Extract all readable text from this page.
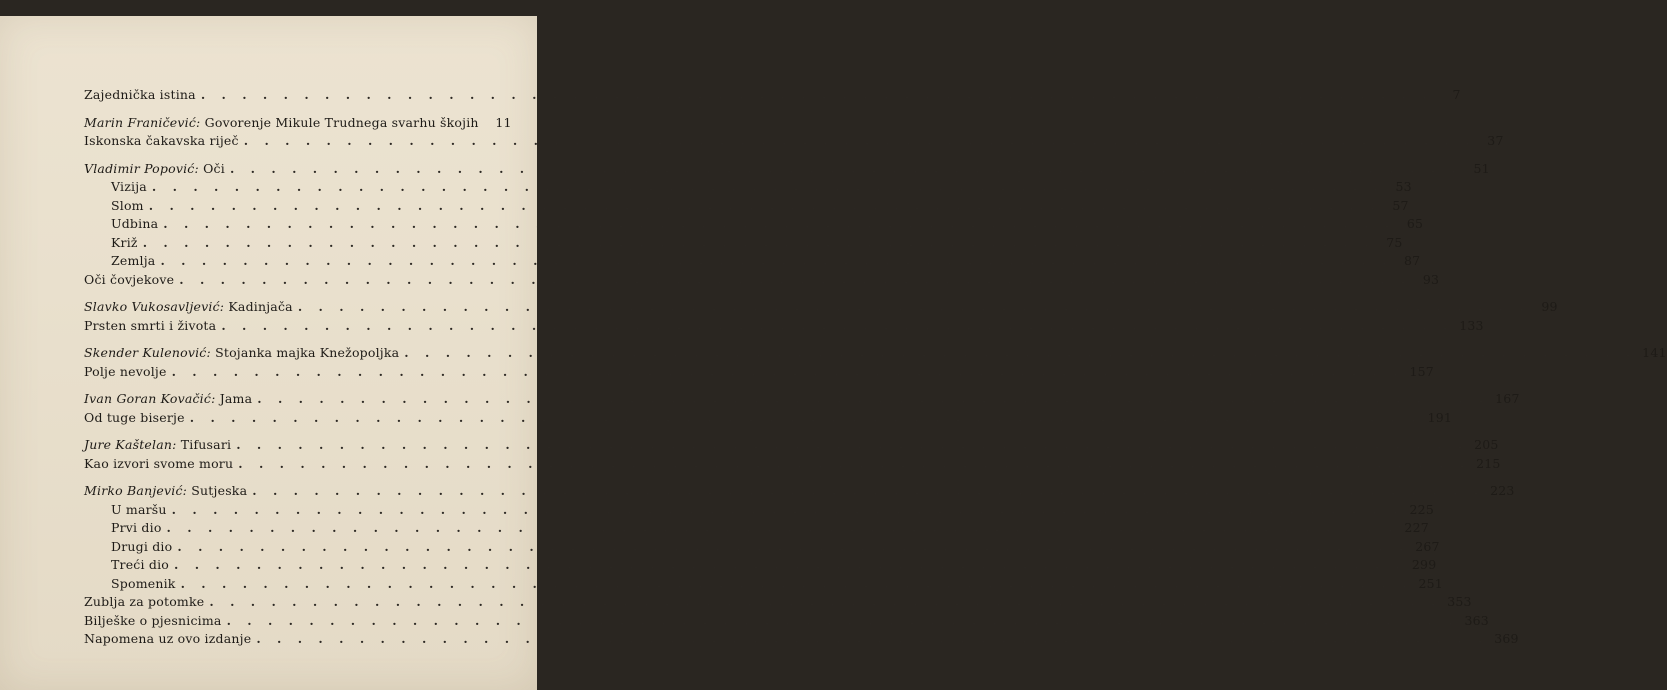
Zajednička istina . . . . . . . . . . . . . . . . . . . . . . . . . . . . . . . . . . . . . . . . . . . . . . . . . . . . . . . . . . . .	7
Marin Franičević: Govorenje Mikule Trudnega svarhu škojih	11
Iskonska čakavska riječ . . . . . . . . . . . . . . . . . . . . . . . . . . . . . . . . . . . . . . . . . . . . . . . . . . . . . . . . . . . . 37
Vladimir Popović: Oči . . . . . . . . . . . . . . . . . . . . . . . . . . . . . . . . . . . . . . . . . . . . . . . . . . . . . . . . . . . . 51
Vizija . . . . . . . . . . . . . . . . . . . . . . . . . . . . . . . . . . . . . . . . . . . . . . . . . . . . . . . . . . . . 53
Slom . . . . . . . . . . . . . . . . . . . . . . . . . . . . . . . . . . . . . . . . . . . . . . . . . . . . . . . . . . . . 57
Udbina . . . . . . . . . . . . . . . . . . . . . . . . . . . . . . . . . . . . . . . . . . . . . . . . . . . . . . . . . . . . 65
Križ . . . . . . . . . . . . . . . . . . . . . . . . . . . . . . . . . . . . . . . . . . . . . . . . . . . . . . . . . . . . 75
Zemlja . . . . . . . . . . . . . . . . . . . . . . . . . . . . . . . . . . . . . . . . . . . . . . . . . . . . . . . . . . . . 87
Oči čovjekove . . . . . . . . . . . . . . . . . . . . . . . . . . . . . . . . . . . . . . . . . . . . . . . . . . . . . . . . . . . . 93
Slavko Vukosavljević: Kadinjača . . . . . . . . . . . . . . . . . . . . . . . . . . . . . . . . . . . . . . . . . . . . . . . . . . . . . . . . . . . . 99
Prsten smrti i života . . . . . . . . . . . . . . . . . . . . . . . . . . . . . . . . . . . . . . . . . . . . . . . . . . . . . . . . . . . . 133
Skender Kulenović: Stojanka majka Knežopoljka . . . . . . . . . . . . . . . . . . . . . . . . . . . . . . . . . . . . . . . . . . . . . . . . . . . . . . . . . . . . 141
Polje nevolje . . . . . . . . . . . . . . . . . . . . . . . . . . . . . . . . . . . . . . . . . . . . . . . . . . . . . . . . . . . . 157
Ivan Goran Kovačić: Jama . . . . . . . . . . . . . . . . . . . . . . . . . . . . . . . . . . . . . . . . . . . . . . . . . . . . . . . . . . . . 167
Od tuge biserje . . . . . . . . . . . . . . . . . . . . . . . . . . . . . . . . . . . . . . . . . . . . . . . . . . . . . . . . . . . . 191
Jure Kaštelan: Tifusari . . . . . . . . . . . . . . . . . . . . . . . . . . . . . . . . . . . . . . . . . . . . . . . . . . . . . . . . . . . . 205
Kao izvori svome moru . . . . . . . . . . . . . . . . . . . . . . . . . . . . . . . . . . . . . . . . . . . . . . . . . . . . . . . . . . . . 215
Mirko Banjević: Sutjeska . . . . . . . . . . . . . . . . . . . . . . . . . . . . . . . . . . . . . . . . . . . . . . . . . . . . . . . . . . . . 223
U maršu . . . . . . . . . . . . . . . . . . . . . . . . . . . . . . . . . . . . . . . . . . . . . . . . . . . . . . . . . . . . 225
Prvi dio . . . . . . . . . . . . . . . . . . . . . . . . . . . . . . . . . . . . . . . . . . . . . . . . . . . . . . . . . . . . 227
Drugi dio . . . . . . . . . . . . . . . . . . . . . . . . . . . . . . . . . . . . . . . . . . . . . . . . . . . . . . . . . . . . 267
Treći dio . . . . . . . . . . . . . . . . . . . . . . . . . . . . . . . . . . . . . . . . . . . . . . . . . . . . . . . . . . . . 299
Spomenik . . . . . . . . . . . . . . . . . . . . . . . . . . . . . . . . . . . . . . . . . . . . . . . . . . . . . . . . . . . . 251
Zublja za potomke . . . . . . . . . . . . . . . . . . . . . . . . . . . . . . . . . . . . . . . . . . . . . . . . . . . . . . . . . . . . 353
Bilješke o pjesnicima . . . . . . . . . . . . . . . . . . . . . . . . . . . . . . . . . . . . . . . . . . . . . . . . . . . . . . . . . . . . 363
Napomena uz ovo izdanje . . . . . . . . . . . . . . . . . . . . . . . . . . . . . . . . . . . . . . . . . . . . . . . . . . . . . . . . . . . . 369
